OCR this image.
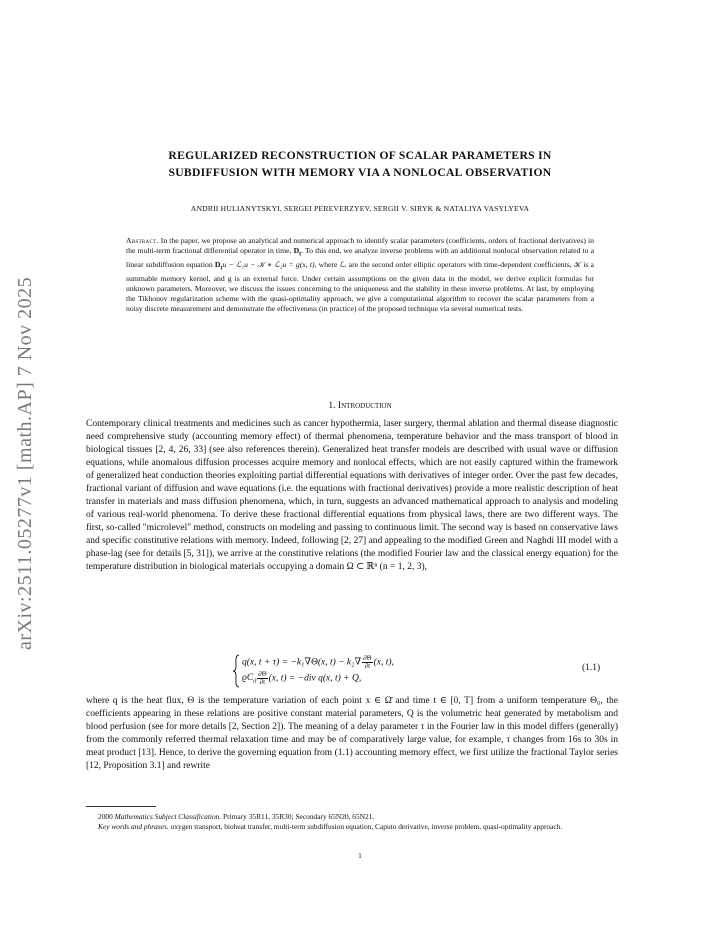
arXiv:2511.05277v1 [math.AP] 7 Nov 2025
REGULARIZED RECONSTRUCTION OF SCALAR PARAMETERS IN
SUBDIFFUSION WITH MEMORY VIA A NONLOCAL OBSERVATION
ANDRII HULIANYTSKYI, SERGEI PEREVERZYEV, SERGII V. SIRYK & NATALIYA VASYLYEVA
Abstract. In the paper, we propose an analytical and numerical approach to identify scalar parameters (coefficients, orders of fractional derivatives) in the multi-term fractional differential operator in time, $D_t$. To this end, we analyze inverse problems with an additional nonlocal observation related to a linear subdiffusion equation $D_tu$ − ℒ₁u − 𝒦 ∗ ℒ₂u = g(x, t), where ℒᵢ are the second order elliptic operators with time-dependent coefficients, 𝒦 is a summable memory kernel, and g is an external force. Under certain assumptions on the given data in the model, we derive explicit formulas for unknown parameters. Moreover, we discuss the issues concerning to the uniqueness and the stability in these inverse problems. At last, by employing the Tikhonov regularization scheme with the quasi-optimality approach, we give a computational algorithm to recover the scalar parameters from a noisy discrete measurement and demonstrate the effectiveness (in practice) of the proposed technique via several numerical tests.
1. Introduction
Contemporary clinical treatments and medicines such as cancer hypothermia, laser surgery, thermal ablation and thermal disease diagnostic need comprehensive study (accounting memory effect) of thermal phenomena, temperature behavior and the mass transport of blood in biological tissues [2, 4, 26, 33] (see also references therein). Generalized heat transfer models are described with usual wave or diffusion equations, while anomalous diffusion processes acquire memory and nonlocal effects, which are not easily captured within the framework of generalized heat conduction theories exploiting partial differential equations with derivatives of integer order. Over the past few decades, fractional variant of diffusion and wave equations (i.e. the equations with fractional derivatives) provide a more realistic description of heat transfer in materials and mass diffusion phenomena, which, in turn, suggests an advanced mathematical approach to analysis and modeling of various real-world phenomena. To derive these fractional differential equations from physical laws, there are two different ways. The first, so-called "microlevel" method, constructs on modeling and passing to continuous limit. The second way is based on conservative laws and specific constitutive relations with memory. Indeed, following [2, 27] and appealing to the modified Green and Naghdi III model with a phase-lag (see for details [5, 31]), we arrive at the constitutive relations (the modified Fourier law and the classical energy equation) for the temperature distribution in biological materials occupying a domain Ω ⊂ ℝⁿ (n = 1, 2, 3),
q(x, t + τ) = −k₁∇Θ(x, $t) - k_2\nabla \frac{\partial\Theta}{\partial t} (x$, t),
$ϱC_ϑ \frac{\partial\Theta}{\partial t} (x$, t) = −div q(x, t) + Q,
(1.1)
where q is the heat flux, Θ is the temperature variation of each point x ∈ Ω̄ and time t ∈ [0, T] from a uniform temperature Θ₀, the coefficients appearing in these relations are positive constant material parameters, Q is the volumetric heat generated by metabolism and blood perfusion (see for more details [2, Section 2]). The meaning of a delay parameter τ in the Fourier law in this model differs (generally) from the commonly referred thermal relaxation time and may be of comparatively large value, for example, τ changes from 16s to 30s in meat product [13]. Hence, to derive the governing equation from (1.1) accounting memory effect, we first utilize the fractional Taylor series [12, Proposition 3.1] and rewrite
2000 Mathematics Subject Classification. Primary 35R11, 35R30; Secondary 65N20, 65N21.
Key words and phrases. oxygen transport, bioheat transfer, multi-term subdiffusion equation, Caputo derivative, inverse problem, quasi-optimality approach.
1
